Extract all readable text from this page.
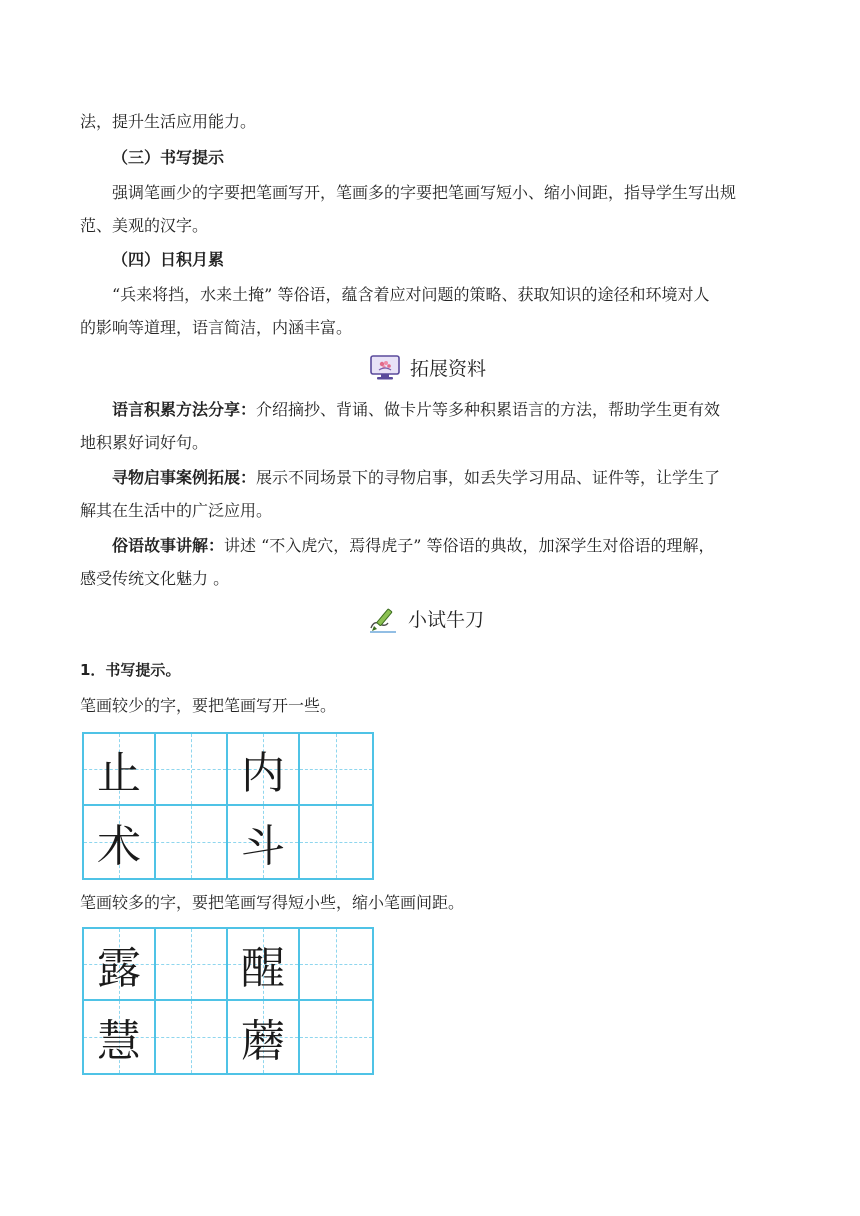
法，提升生活应用能力。

（三）书写提示

强调笔画少的字要把笔画写开，笔画多的字要把笔画写短小、缩小间距，指导学生写出规

范、美观的汉字。

（四）日积月累

“兵来将挡，水来土掩” 等俗语，蕴含着应对问题的策略、获取知识的途径和环境对人

的影响等道理，语言简洁，内涵丰富。

拓展资料

语言积累方法分享：介绍摘抄、背诵、做卡片等多种积累语言的方法，帮助学生更有效

地积累好词好句。

寻物启事案例拓展：展示不同场景下的寻物启事，如丢失学习用品、证件等，让学生了

解其在生活中的广泛应用。

俗语故事讲解：讲述 “不入虎穴，焉得虎子” 等俗语的典故，加深学生对俗语的理解，

感受传统文化魅力 。

小试牛刀

1．书写提示。

笔画较少的字，要把笔画写开一些。

止 内
术 斗

笔画较多的字，要把笔画写得短小些，缩小笔画间距。

露 醒
慧 蘑
